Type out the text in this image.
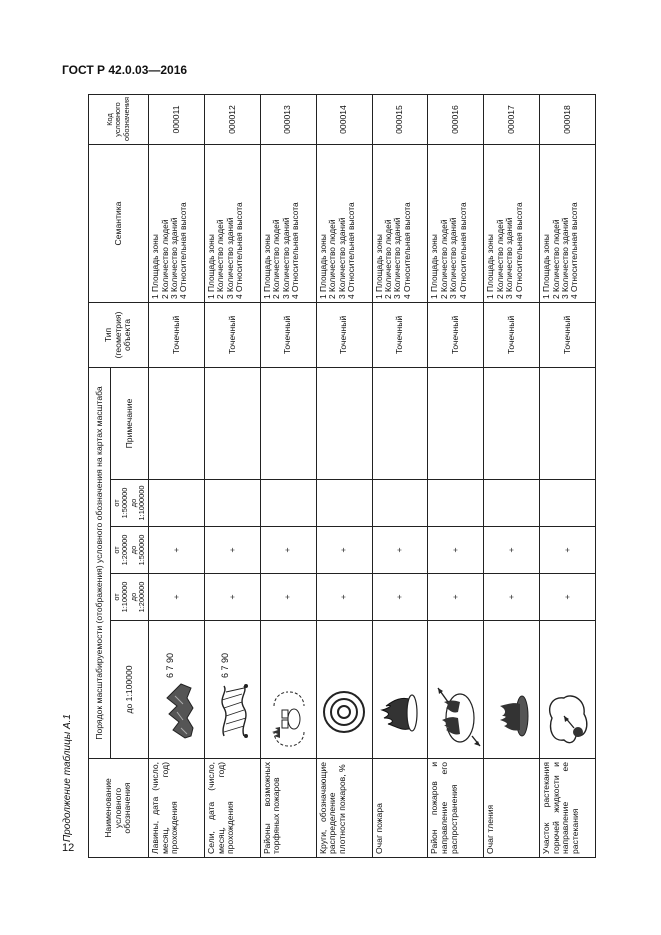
ГОСТ Р 42.0.03—2016
Продолжение таблицы А.1
12
Наименование условного обозначения	Порядок масштабируемости (отображения) условного обозначения на картах масштаба					Тип (геометрия) объекта	Семантика	Код условного обозначения
	до 1:100000	от 1:100000 до 1:200000	от 1:200000 до 1:500000	от 1:500000 до 1:1000000	Примечание			
Лавины, дата (число, месяц, год) прохождения	6 7 90	+	+			Точечный	1 Площадь зоны 2 Количество людей 3 Количество зданий 4 Относительная высота	000011
Сели, дата (число, месяц, год) прохождения	6 7 90	+	+			Точечный	1 Площадь зоны 2 Количество людей 3 Количество зданий 4 Относительная высота	000012
Районы возможных торфяных пожаров		+	+			Точечный	1 Площадь зоны 2 Количество людей 3 Количество зданий 4 Относительная высота	000013
Круги, обозначающие распределение плотности пожаров, %		+	+			Точечный	1 Площадь зоны 2 Количество людей 3 Количество зданий 4 Относительная высота	000014
Очаг пожара		+	+			Точечный	1 Площадь зоны 2 Количество людей 3 Количество зданий 4 Относительная высота	000015
Район пожаров и направление его распространения		+	+			Точечный	1 Площадь зоны 2 Количество людей 3 Количество зданий 4 Относительная высота	000016
Очаг тления		+	+			Точечный	1 Площадь зоны 2 Количество людей 3 Количество зданий 4 Относительная высота	000017
Участок растекания горючей жидкости и направление ее растекания		+	+			Точечный	1 Площадь зоны 2 Количество людей 3 Количество зданий 4 Относительная высота	000018
